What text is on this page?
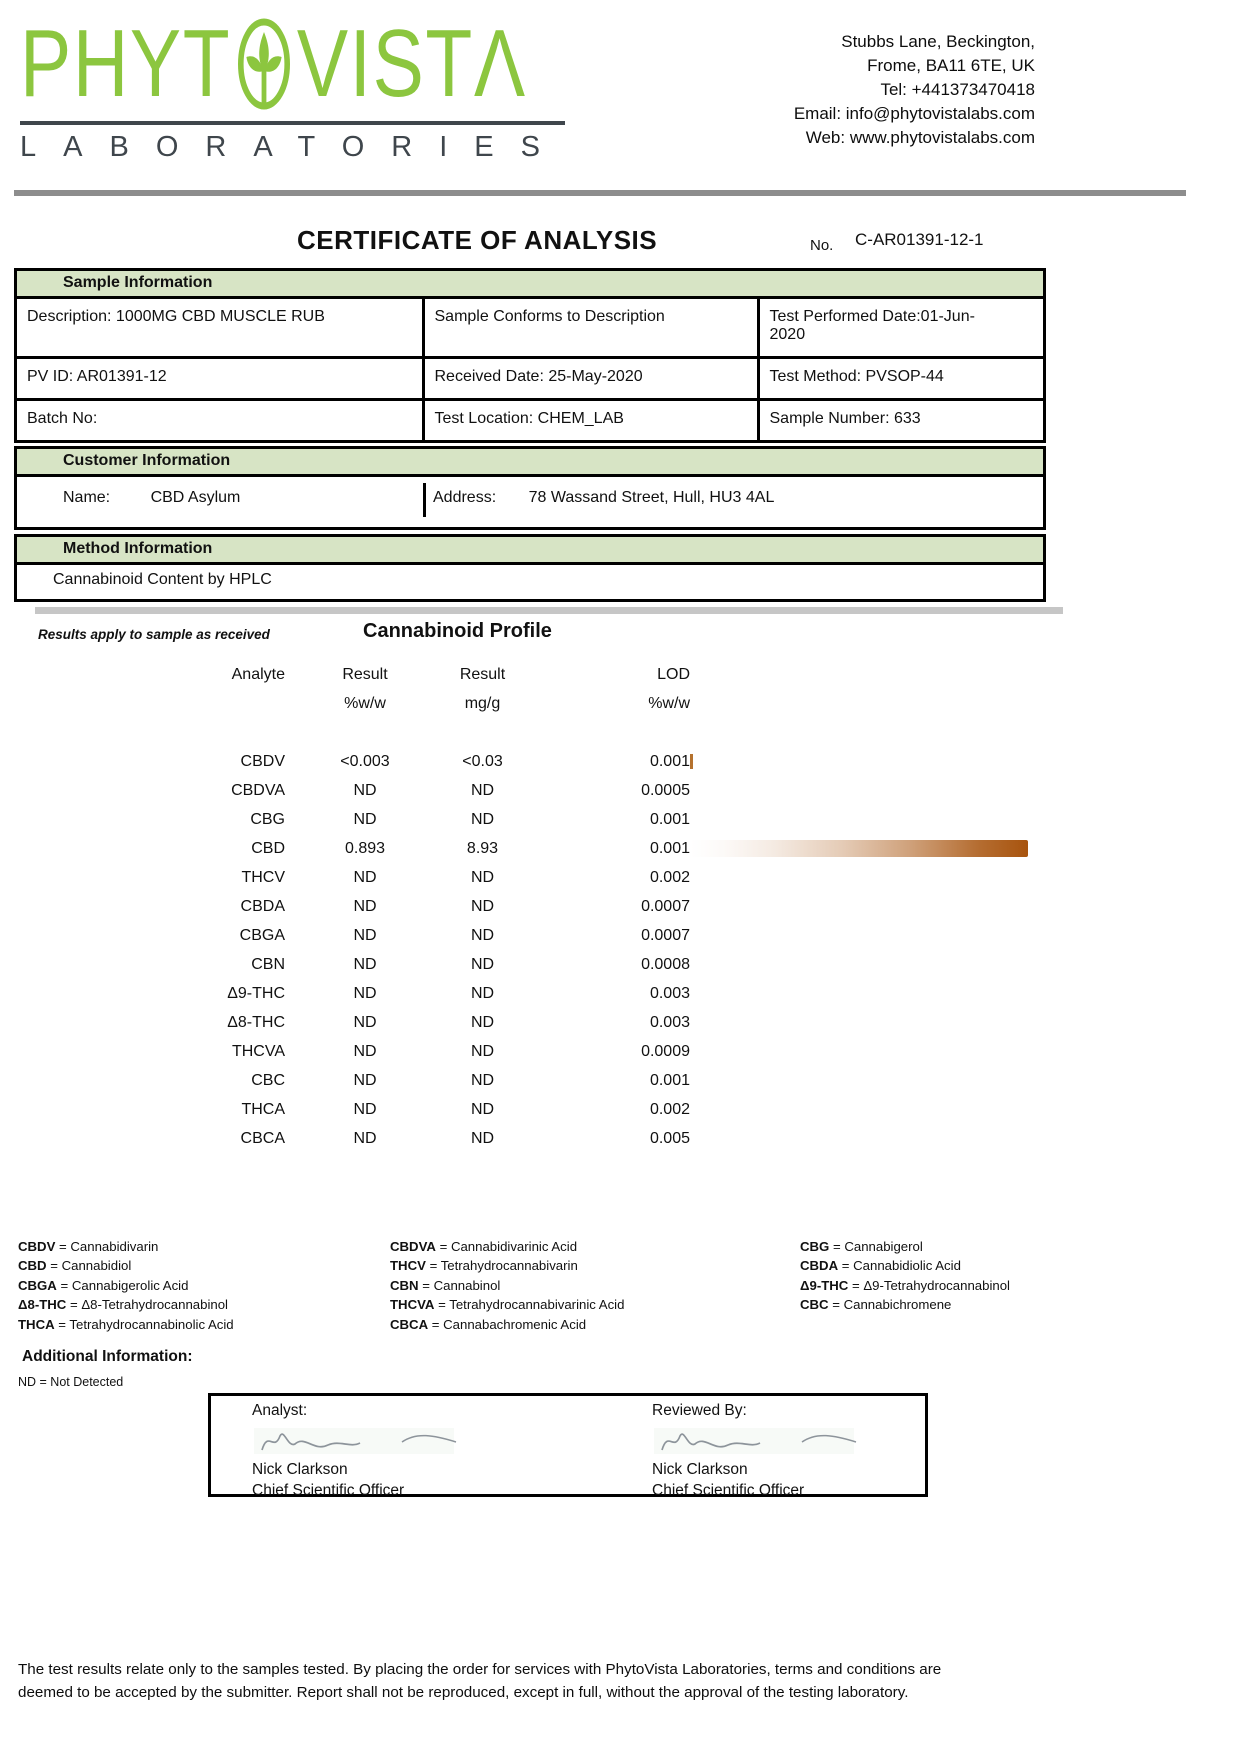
PHYT VISTΛ
LABORATORIES
Stubbs Lane, Beckington,
Frome, BA11 6TE, UK
Tel: +441373470418
Email: info@phytovistalabs.com
Web: www.phytovistalabs.com
CERTIFICATE OF ANALYSIS	No. C-AR01391-12-1
Sample Information
Description: 1000MG CBD MUSCLE RUB	Sample Conforms to Description	Test Performed Date:01-Jun-2020
PV ID: AR01391-12	Received Date: 25-May-2020	Test Method: PVSOP-44
Batch No:	Test Location: CHEM_LAB	Sample Number: 633
Customer Information
Name:	CBD Asylum	Address: 78 Wassand Street, Hull, HU3 4AL
Method Information
Cannabinoid Content by HPLC
Results apply to sample as received	Cannabinoid Profile
Analyte	Result	Result	LOD	
	%w/w	mg/g	%w/w	

CBDV	<0.003	<0.03	0.001	
CBDVA	ND	ND	0.0005	
CBG	ND	ND	0.001	
CBD	0.893	8.93	0.001	
THCV	ND	ND	0.002	
CBDA	ND	ND	0.0007	
CBGA	ND	ND	0.0007	
CBN	ND	ND	0.0008	
Δ9-THC	ND	ND	0.003	
Δ8-THC	ND	ND	0.003	
THCVA	ND	ND	0.0009	
CBC	ND	ND	0.001	
THCA	ND	ND	0.002	
CBCA	ND	ND	0.005	
CBDV = Cannabidivarin
CBD = Cannabidiol
CBGA = Cannabigerolic Acid
Δ8-THC = Δ8-Tetrahydrocannabinol
THCA = Tetrahydrocannabinolic Acid
CBDVA = Cannabidivarinic Acid
THCV = Tetrahydrocannabivarin
CBN = Cannabinol
THCVA = Tetrahydrocannabivarinic Acid
CBCA = Cannabachromenic Acid
CBG = Cannabigerol
CBDA = Cannabidiolic Acid
Δ9-THC = Δ9-Tetrahydrocannabinol
CBC = Cannabichromene
Additional Information:
ND = Not Detected
Analyst:
Nick Clarkson
Chief Scientific Officer
Reviewed By:
Nick Clarkson
Chief Scientific Officer
The test results relate only to the samples tested. By placing the order for services with PhytoVista Laboratories, terms and conditions are deemed to be accepted by the submitter. Report shall not be reproduced, except in full, without the approval of the testing laboratory.
